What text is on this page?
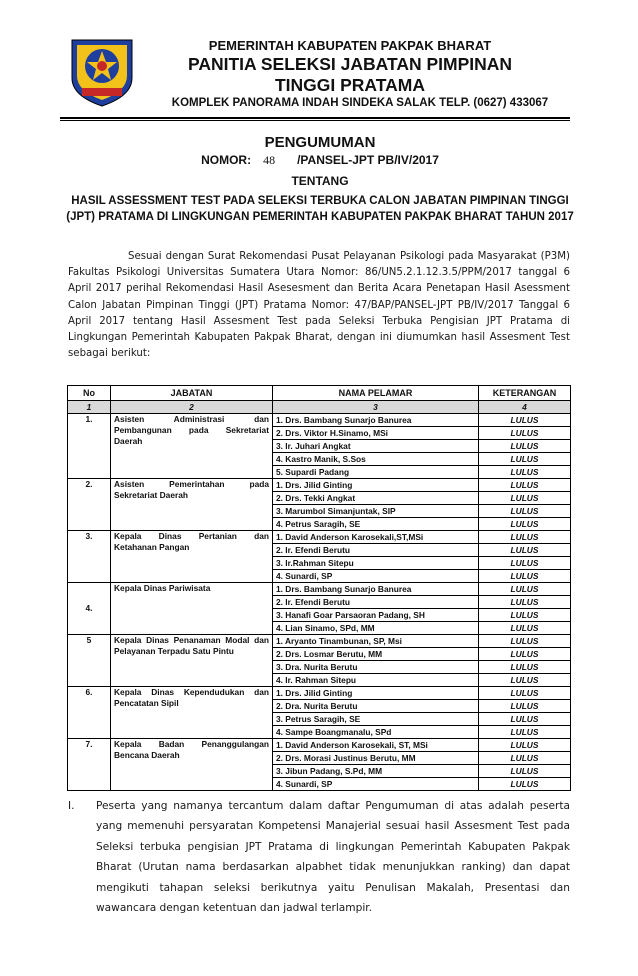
PEMERINTAH KABUPATEN PAKPAK BHARAT

PANITIA SELEKSI JABATAN PIMPINAN

TINGGI PRATAMA

KOMPLEK PANORAMA INDAH SINDEKA SALAK TELP. (0627) 433067

PENGUMUMAN

NOMOR: 48 /PANSEL-JPT PB/IV/2017

TENTANG

HASIL ASSESSMENT TEST PADA SELEKSI TERBUKA CALON JABATAN PIMPINAN TINGGI (JPT) PRATAMA DI LINGKUNGAN PEMERINTAH KABUPATEN PAKPAK BHARAT TAHUN 2017

Sesuai dengan Surat Rekomendasi Pusat Pelayanan Psikologi pada Masyarakat (P3M) Fakultas Psikologi Universitas Sumatera Utara Nomor: 86/UN5.2.1.12.3.5/PPM/2017 tanggal 6 April 2017 perihal Rekomendasi Hasil Asesesment dan Berita Acara Penetapan Hasil Asessment Calon Jabatan Pimpinan Tinggi (JPT) Pratama Nomor: 47/BAP/PANSEL-JPT PB/IV/2017 Tanggal 6 April 2017 tentang Hasil Assesment Test pada Seleksi Terbuka Pengisian JPT Pratama di Lingkungan Pemerintah Kabupaten Pakpak Bharat, dengan ini diumumkan hasil Assesment Test sebagai berikut:

No	JABATAN	NAMA PELAMAR	KETERANGAN
1	2	3	4
1.	Asisten Administrasi dan Pembangunan pada Sekretariat Daerah	1. Drs. Bambang Sunarjo Banurea	LULUS
		2. Drs. Viktor H.Sinamo, MSi	LULUS
		3. Ir. Juhari Angkat	LULUS
		4. Kastro Manik, S.Sos	LULUS
		5. Supardi Padang	LULUS
2.	Asisten Pemerintahan pada Sekretariat Daerah	1. Drs. Jilid Ginting	LULUS
		2. Drs. Tekki Angkat	LULUS
		3. Marumbol Simanjuntak, SIP	LULUS
		4. Petrus Saragih, SE	LULUS
3.	Kepala Dinas Pertanian dan Ketahanan Pangan	1. David Anderson Karosekali,ST,MSi	LULUS
		2. Ir. Efendi Berutu	LULUS
		3. Ir.Rahman Sitepu	LULUS
		4. Sunardi, SP	LULUS
4.	Kepala Dinas Pariwisata	1. Drs. Bambang Sunarjo Banurea	LULUS
		2. Ir. Efendi Berutu	LULUS
		3. Hanafi Goar Parsaoran Padang, SH	LULUS
		4. Lian Sinamo, SPd, MM	LULUS
5	Kepala Dinas Penanaman Modal dan Pelayanan Terpadu Satu Pintu	1. Aryanto Tinambunan, SP, Msi	LULUS
		2. Drs. Losmar Berutu, MM	LULUS
		3. Dra. Nurita Berutu	LULUS
		4. Ir. Rahman Sitepu	LULUS
6.	Kepala Dinas Kependudukan dan Pencatatan Sipil	1. Drs. Jilid Ginting	LULUS
		2. Dra. Nurita Berutu	LULUS
		3. Petrus Saragih, SE	LULUS
		4. Sampe Boangmanalu, SPd	LULUS
7.	Kepala Badan Penanggulangan Bencana Daerah	1. David Anderson Karosekali, ST, MSi	LULUS
		2. Drs. Morasi Justinus Berutu, MM	LULUS
		3. Jibun Padang, S.Pd, MM	LULUS
		4. Sunardi, SP	LULUS
I. Peserta yang namanya tercantum dalam daftar Pengumuman di atas adalah peserta yang memenuhi persyaratan Kompetensi Manajerial sesuai hasil Assesment Test pada Seleksi terbuka pengisian JPT Pratama di lingkungan Pemerintah Kabupaten Pakpak Bharat (Urutan nama berdasarkan alpabhet tidak menunjukkan ranking) dan dapat mengikuti tahapan seleksi berikutnya yaitu Penulisan Makalah, Presentasi dan wawancara dengan ketentuan dan jadwal terlampir.
